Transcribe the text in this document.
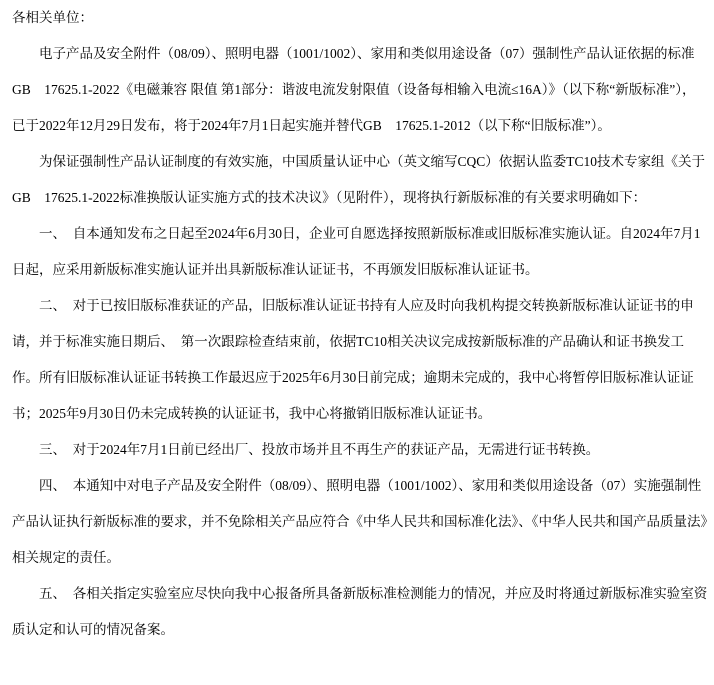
各相关单位：

电子产品及安全附件（08/09）、照明电器（1001/1002）、家用和类似用途设备（07）强制性产品认证依据的标准GB　17625.1-2022《电磁兼容 限值 第1部分：谐波电流发射限值（设备每相输入电流≤16A）》（以下称“新版标准”），已于2022年12月29日发布，将于2024年7月1日起实施并替代GB　17625.1-2012（以下称“旧版标准”）。

为保证强制性产品认证制度的有效实施，中国质量认证中心（英文缩写CQC）依据认监委TC10技术专家组《关于GB　17625.1-2022标准换版认证实施方式的技术决议》（见附件），现将执行新版标准的有关要求明确如下：

一、　自本通知发布之日起至2024年6月30日，企业可自愿选择按照新版标准或旧版标准实施认证。自2024年7月1日起，应采用新版标准实施认证并出具新版标准认证证书，不再颁发旧版标准认证证书。

二、　对于已按旧版标准获证的产品，旧版标准认证证书持有人应及时向我机构提交转换新版标准认证证书的申请，并于标准实施日期后、　第一次跟踪检查结束前，依据TC10相关决议完成按新版标准的产品确认和证书换发工作。所有旧版标准认证证书转换工作最迟应于2025年6月30日前完成；逾期未完成的，我中心将暂停旧版标准认证证书；2025年9月30日仍未完成转换的认证证书，我中心将撤销旧版标准认证证书。

三、　对于2024年7月1日前已经出厂、投放市场并且不再生产的获证产品，无需进行证书转换。

四、　本通知中对电子产品及安全附件（08/09）、照明电器（1001/1002）、家用和类似用途设备（07）实施强制性产品认证执行新版标准的要求，并不免除相关产品应符合《中华人民共和国标准化法》、《中华人民共和国产品质量法》相关规定的责任。

五、　各相关指定实验室应尽快向我中心报备所具备新版标准检测能力的情况，并应及时将通过新版标准实验室资质认定和认可的情况备案。
